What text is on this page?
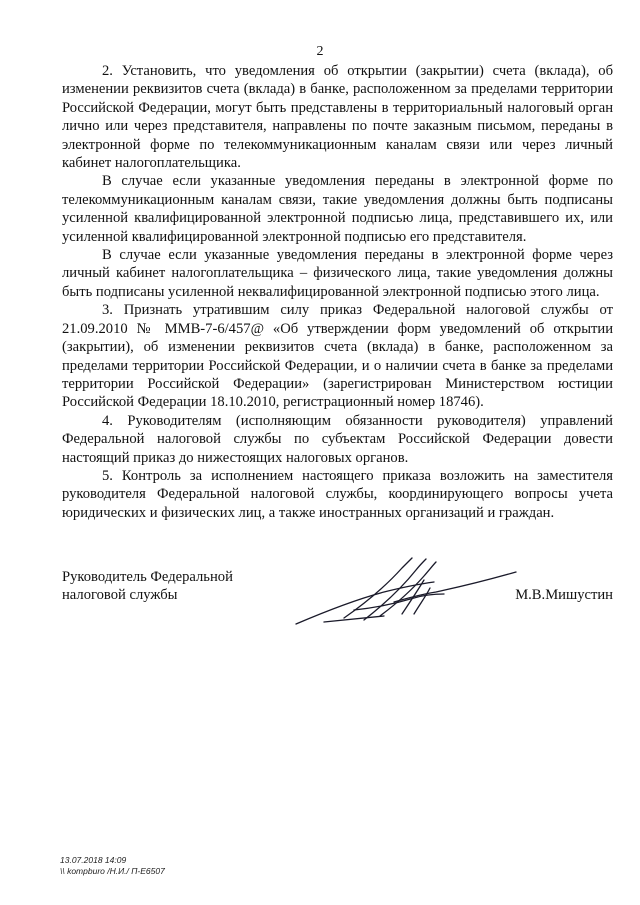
2

2. Установить, что уведомления об открытии (закрытии) счета (вклада), об изменении реквизитов счета (вклада) в банке, расположенном за пределами территории Российской Федерации, могут быть представлены в территориальный налоговый орган лично или через представителя, направлены по почте заказным письмом, переданы в электронной форме по телекоммуникационным каналам связи или через личный кабинет налогоплательщика.

В случае если указанные уведомления переданы в электронной форме по телекоммуникационным каналам связи, такие уведомления должны быть подписаны усиленной квалифицированной электронной подписью лица, представившего их, или усиленной квалифицированной электронной подписью его представителя.

В случае если указанные уведомления переданы в электронной форме через личный кабинет налогоплательщика – физического лица, такие уведомления должны быть подписаны усиленной неквалифицированной электронной подписью этого лица.

3. Признать утратившим силу приказ Федеральной налоговой службы от 21.09.2010 № ММВ-7-6/457@ «Об утверждении форм уведомлений об открытии (закрытии), об изменении реквизитов счета (вклада) в банке, расположенном за пределами территории Российской Федерации, и о наличии счета в банке за пределами территории Российской Федерации» (зарегистрирован Министерством юстиции Российской Федерации 18.10.2010, регистрационный номер 18746).

4. Руководителям (исполняющим обязанности руководителя) управлений Федеральной налоговой службы по субъектам Российской Федерации довести настоящий приказ до нижестоящих налоговых органов.

5. Контроль за исполнением настоящего приказа возложить на заместителя руководителя Федеральной налоговой службы, координирующего вопросы учета юридических и физических лиц, а также иностранных организаций и граждан.

Руководитель Федеральной
налоговой службы	М.В.Мишустин
13.07.2018 14:09
\\ kompburo /Н.И./ П-Е6507
